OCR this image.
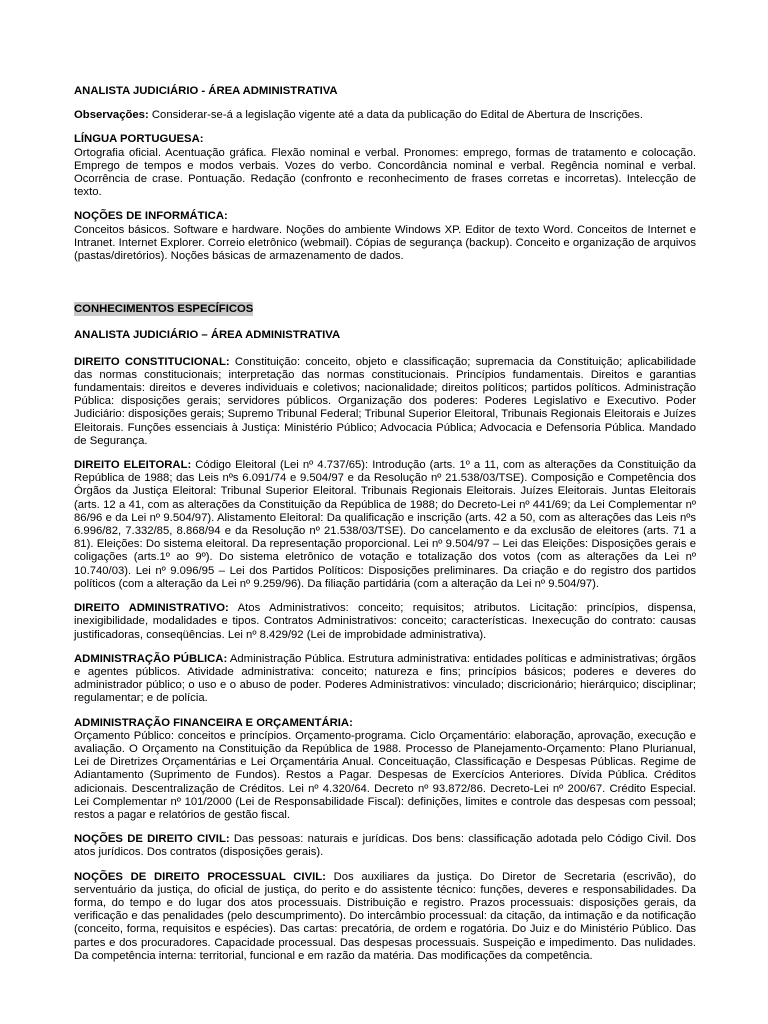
ANALISTA JUDICIÁRIO - ÁREA ADMINISTRATIVA

Observações: Considerar-se-á a legislação vigente até a data da publicação do Edital de Abertura de Inscrições.

LÍNGUA PORTUGUESA:

Ortografia oficial. Acentuação gráfica. Flexão nominal e verbal. Pronomes: emprego, formas de tratamento e colocação. Emprego de tempos e modos verbais. Vozes do verbo. Concordância nominal e verbal. Regência nominal e verbal. Ocorrência de crase. Pontuação. Redação (confronto e reconhecimento de frases corretas e incorretas). Intelecção de texto.

NOÇÕES DE INFORMÁTICA:

Conceitos básicos. Software e hardware. Noções do ambiente Windows XP. Editor de texto Word. Conceitos de Internet e Intranet. Internet Explorer. Correio eletrônico (webmail). Cópias de segurança (backup). Conceito e organização de arquivos (pastas/diretórios). Noções básicas de armazenamento de dados.

CONHECIMENTOS ESPECÍFICOS

ANALISTA JUDICIÁRIO – ÁREA ADMINISTRATIVA

DIREITO CONSTITUCIONAL: Constituição: conceito, objeto e classificação; supremacia da Constituição; aplicabilidade das normas constitucionais; interpretação das normas constitucionais. Princípios fundamentais. Direitos e garantias fundamentais: direitos e deveres individuais e coletivos; nacionalidade; direitos políticos; partidos políticos. Administração Pública: disposições gerais; servidores públicos. Organização dos poderes: Poderes Legislativo e Executivo. Poder Judiciário: disposições gerais; Supremo Tribunal Federal; Tribunal Superior Eleitoral, Tribunais Regionais Eleitorais e Juízes Eleitorais. Funções essenciais à Justiça: Ministério Público; Advocacia Pública; Advocacia e Defensoria Pública. Mandado de Segurança.

DIREITO ELEITORAL: Código Eleitoral (Lei nº 4.737/65): Introdução (arts. 1º a 11, com as alterações da Constituição da República de 1988; das Leis nºs 6.091/74 e 9.504/97 e da Resolução nº 21.538/03/TSE). Composição e Competência dos Órgãos da Justiça Eleitoral: Tribunal Superior Eleitoral. Tribunais Regionais Eleitorais. Juízes Eleitorais. Juntas Eleitorais (arts. 12 a 41, com as alterações da Constituição da República de 1988; do Decreto-Lei nº 441/69; da Lei Complementar nº 86/96 e da Lei nº 9.504/97). Alistamento Eleitoral: Da qualificação e inscrição (arts. 42 a 50, com as alterações das Leis nºs 6.996/82, 7.332/85, 8.868/94 e da Resolução nº 21.538/03/TSE). Do cancelamento e da exclusão de eleitores (arts. 71 a 81). Eleições: Do sistema eleitoral. Da representação proporcional. Lei nº 9.504/97 – Lei das Eleições: Disposições gerais e coligações (arts.1º ao 9º). Do sistema eletrônico de votação e totalização dos votos (com as alterações da Lei nº 10.740/03). Lei nº 9.096/95 – Lei dos Partidos Políticos: Disposições preliminares. Da criação e do registro dos partidos políticos (com a alteração da Lei nº 9.259/96). Da filiação partidária (com a alteração da Lei nº 9.504/97).

DIREITO ADMINISTRATIVO: Atos Administrativos: conceito; requisitos; atributos. Licitação: princípios, dispensa, inexigibilidade, modalidades e tipos. Contratos Administrativos: conceito; características. Inexecução do contrato: causas justificadoras, conseqüências. Lei nº 8.429/92 (Lei de improbidade administrativa).

ADMINISTRAÇÃO PÚBLICA: Administração Pública. Estrutura administrativa: entidades políticas e administrativas; órgãos e agentes públicos. Atividade administrativa: conceito; natureza e fins; princípios básicos; poderes e deveres do administrador público; o uso e o abuso de poder. Poderes Administrativos: vinculado; discricionário; hierárquico; disciplinar; regulamentar; e de polícia.

ADMINISTRAÇÃO FINANCEIRA E ORÇAMENTÁRIA:

Orçamento Público: conceitos e princípios. Orçamento-programa. Ciclo Orçamentário: elaboração, aprovação, execução e avaliação. O Orçamento na Constituição da República de 1988. Processo de Planejamento-Orçamento: Plano Plurianual, Lei de Diretrizes Orçamentárias e Lei Orçamentária Anual. Conceituação, Classificação e Despesas Públicas. Regime de Adiantamento (Suprimento de Fundos). Restos a Pagar. Despesas de Exercícios Anteriores. Dívida Pública. Créditos adicionais. Descentralização de Créditos. Lei nº 4.320/64. Decreto nº 93.872/86. Decreto-Lei nº 200/67. Crédito Especial. Lei Complementar nº 101/2000 (Lei de Responsabilidade Fiscal): definições, limites e controle das despesas com pessoal; restos a pagar e relatórios de gestão fiscal.

NOÇÕES DE DIREITO CIVIL: Das pessoas: naturais e jurídicas. Dos bens: classificação adotada pelo Código Civil. Dos atos jurídicos. Dos contratos (disposições gerais).

NOÇÕES DE DIREITO PROCESSUAL CIVIL: Dos auxiliares da justiça. Do Diretor de Secretaria (escrivão), do serventuário da justiça, do oficial de justiça, do perito e do assistente técnico: funções, deveres e responsabilidades. Da forma, do tempo e do lugar dos atos processuais. Distribuição e registro. Prazos processuais: disposições gerais, da verificação e das penalidades (pelo descumprimento). Do intercâmbio processual: da citação, da intimação e da notificação (conceito, forma, requisitos e espécies). Das cartas: precatória, de ordem e rogatória. Do Juiz e do Ministério Público. Das partes e dos procuradores. Capacidade processual. Das despesas processuais. Suspeição e impedimento. Das nulidades. Da competência interna: territorial, funcional e em razão da matéria. Das modificações da competência.
